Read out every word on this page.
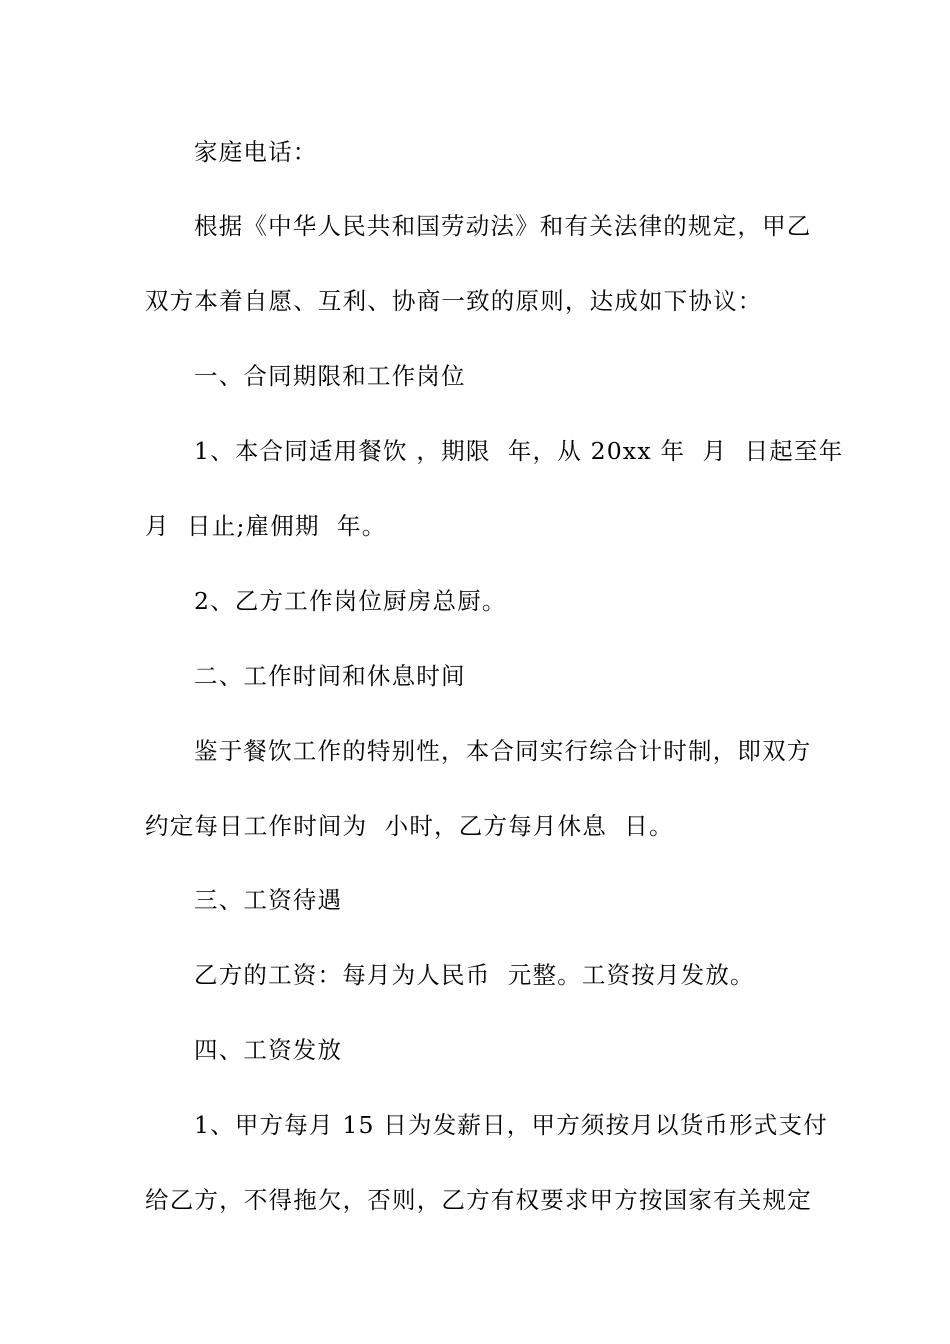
家庭电话：
根据《中华人民共和国劳动法》和有关法律的规定，甲乙
双方本着自愿、互利、协商一致的原则，达成如下协议：
一、合同期限和工作岗位
1、本合同适用餐饮 ，期限  年，从 20xx 年  月  日起至年
月  日止;雇佣期  年。
2、乙方工作岗位厨房总厨。
二、工作时间和休息时间
鉴于餐饮工作的特别性，本合同实行综合计时制，即双方
约定每日工作时间为  小时，乙方每月休息  日。
三、工资待遇
乙方的工资：每月为人民币  元整。工资按月发放。
四、工资发放
1、甲方每月 15 日为发薪日，甲方须按月以货币形式支付
给乙方，不得拖欠，否则，乙方有权要求甲方按国家有关规定
